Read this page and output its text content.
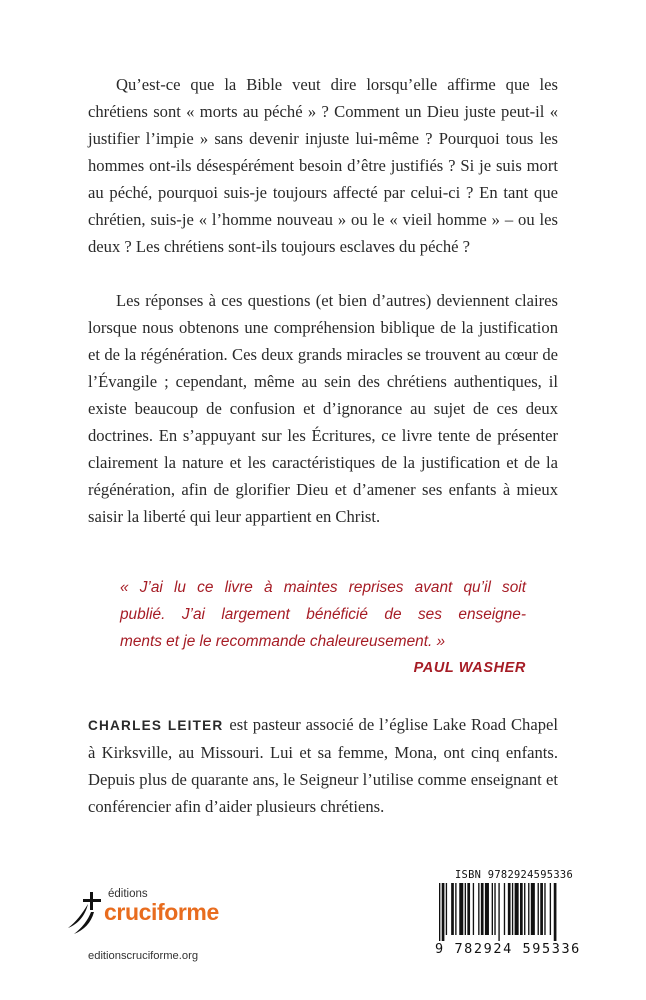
Qu’est-ce que la Bible veut dire lorsqu’elle affirme que les chrétiens sont « morts au péché » ? Comment un Dieu juste peut-il « justifier l’impie » sans devenir injuste lui-même ? Pourquoi tous les hommes ont-ils désespérément besoin d’être justifiés ? Si je suis mort au péché, pourquoi suis-je toujours affecté par celui-ci ? En tant que chrétien, suis-je « l’homme nouveau » ou le « vieil homme » – ou les deux ? Les chrétiens sont-ils toujours esclaves du péché ?

Les réponses à ces questions (et bien d’autres) deviennent claires lorsque nous obtenons une compréhension biblique de la justification et de la régénération. Ces deux grands miracles se trouvent au cœur de l’Évangile ; cependant, même au sein des chrétiens authentiques, il existe beaucoup de confusion et d’ignorance au sujet de ces deux doctrines. En s’appuyant sur les Écritures, ce livre tente de présenter clairement la nature et les caractéristiques de la justification et de la régénération, afin de glorifier Dieu et d’amener ses enfants à mieux saisir la liberté qui leur appartient en Christ.

« J’ai lu ce livre à maintes reprises avant qu’il soit
publié. J’ai largement bénéficié de ses enseigne-
ments et je le recommande chaleureusement. »
PAUL WASHER

CHARLES LEITER est pasteur associé de l’église Lake Road Chapel à Kirksville, au Missouri. Lui et sa femme, Mona, ont cinq enfants. Depuis plus de quarante ans, le Seigneur l’utilise comme enseignant et conférencier afin d’aider plusieurs chrétiens.

éditions
cruciforme
editionscruciforme.org
ISBN 9782924595336
9 782924 595336
